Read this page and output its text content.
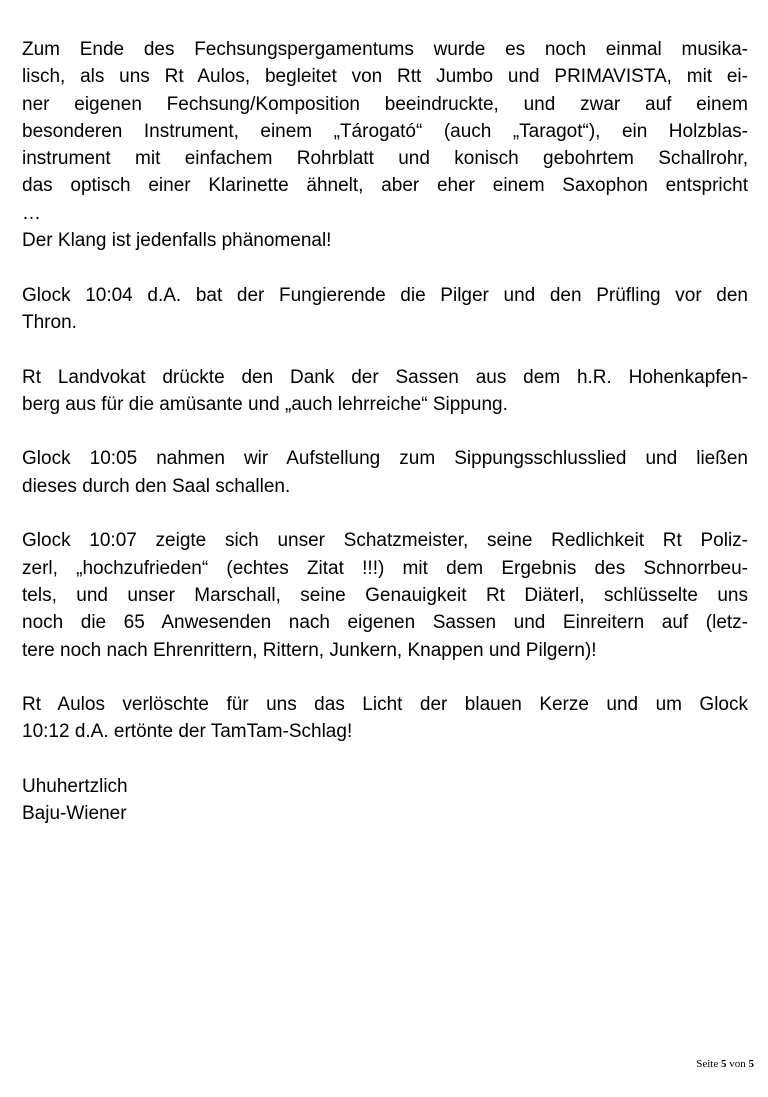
Zum Ende des Fechsungspergamentums wurde es noch einmal musika-
lisch, als uns Rt Aulos, begleitet von Rtt Jumbo und PRIMAVISTA, mit ei-
ner eigenen Fechsung/Komposition beeindruckte, und zwar auf einem
besonderen Instrument, einem „Tárogató“ (auch „Taragot“), ein Holzblas-
instrument mit einfachem Rohrblatt und konisch gebohrtem Schallrohr,
das optisch einer Klarinette ähnelt, aber eher einem Saxophon entspricht
…
Der Klang ist jedenfalls phänomenal!
Glock 10:04 d.A. bat der Fungierende die Pilger und den Prüfling vor den
Thron.
Rt Landvokat drückte den Dank der Sassen aus dem h.R. Hohenkapfen-
berg aus für die amüsante und „auch lehrreiche“ Sippung.
Glock 10:05 nahmen wir Aufstellung zum Sippungsschlusslied und ließen
dieses durch den Saal schallen.
Glock 10:07 zeigte sich unser Schatzmeister, seine Redlichkeit Rt Poliz-
zerl, „hochzufrieden“ (echtes Zitat !!!) mit dem Ergebnis des Schnorrbeu-
tels, und unser Marschall, seine Genauigkeit Rt Diäterl, schlüsselte uns
noch die 65 Anwesenden nach eigenen Sassen und Einreitern auf (letz-
tere noch nach Ehrenrittern, Rittern, Junkern, Knappen und Pilgern)!
Rt Aulos verlöschte für uns das Licht der blauen Kerze und um Glock
10:12 d.A. ertönte der TamTam-Schlag!
Uhuhertzlich
Baju-Wiener
Seite 5 von 5
